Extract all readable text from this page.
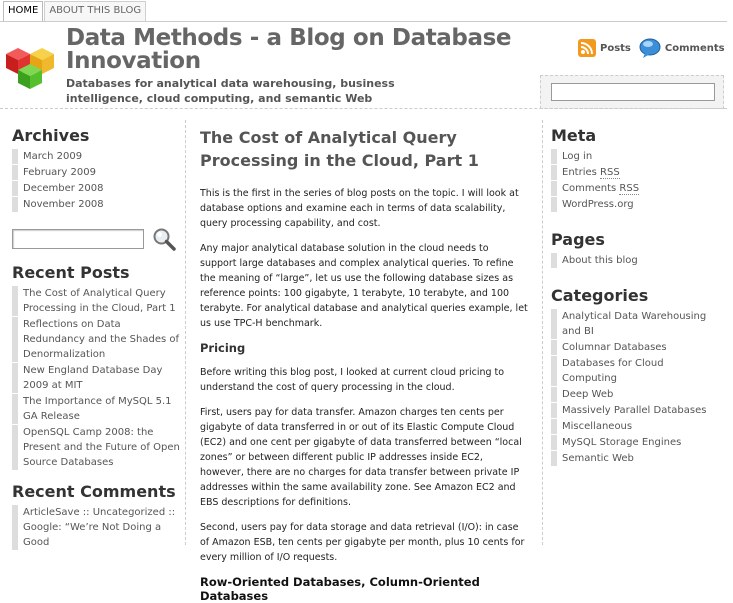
HOME	ABOUT THIS BLOG
Data Methods - a Blog on Database Innovation

Databases for analytical data warehousing, business intelligence, cloud computing, and semantic Web

Posts	Comments
Archives
March 2009
February 2009
December 2008
November 2008
Recent Posts
The Cost of Analytical Query Processing in the Cloud, Part 1
Reflections on Data Redundancy and the Shades of Denormalization
New England Database Day 2009 at MIT
The Importance of MySQL 5.1 GA Release
OpenSQL Camp 2008: the Present and the Future of Open Source Databases
Recent Comments
ArticleSave :: Uncategorized :: Google: “We’re Not Doing a Good
The Cost of Analytical Query Processing in the Cloud, Part 1

This is the first in the series of blog posts on the topic. I will look at database options and examine each in terms of data scalability, query processing capability, and cost.

Any major analytical database solution in the cloud needs to support large databases and complex analytical queries. To refine the meaning of “large”, let us use the following database sizes as reference points: 100 gigabyte, 1 terabyte, 10 terabyte, and 100 terabyte. For analytical database and analytical queries example, let us use TPC-H benchmark.

Pricing

Before writing this blog post, I looked at current cloud pricing to understand the cost of query processing in the cloud.

First, users pay for data transfer. Amazon charges ten cents per gigabyte of data transferred in or out of its Elastic Compute Cloud (EC2) and one cent per gigabyte of data transferred between “local zones” or between different public IP addresses inside EC2, however, there are no charges for data transfer between private IP addresses within the same availability zone. See Amazon EC2 and EBS descriptions for definitions.

Second, users pay for data storage and data retrieval (I/O): in case of Amazon ESB, ten cents per gigabyte per month, plus 10 cents for every million of I/O requests.

Row-Oriented Databases, Column-Oriented Databases
Meta
Log in
Entries RSS
Comments RSS
WordPress.org
Pages
About this blog
Categories
Analytical Data Warehousing and BI
Columnar Databases
Databases for Cloud Computing
Deep Web
Massively Parallel Databases
Miscellaneous
MySQL Storage Engines
Semantic Web
